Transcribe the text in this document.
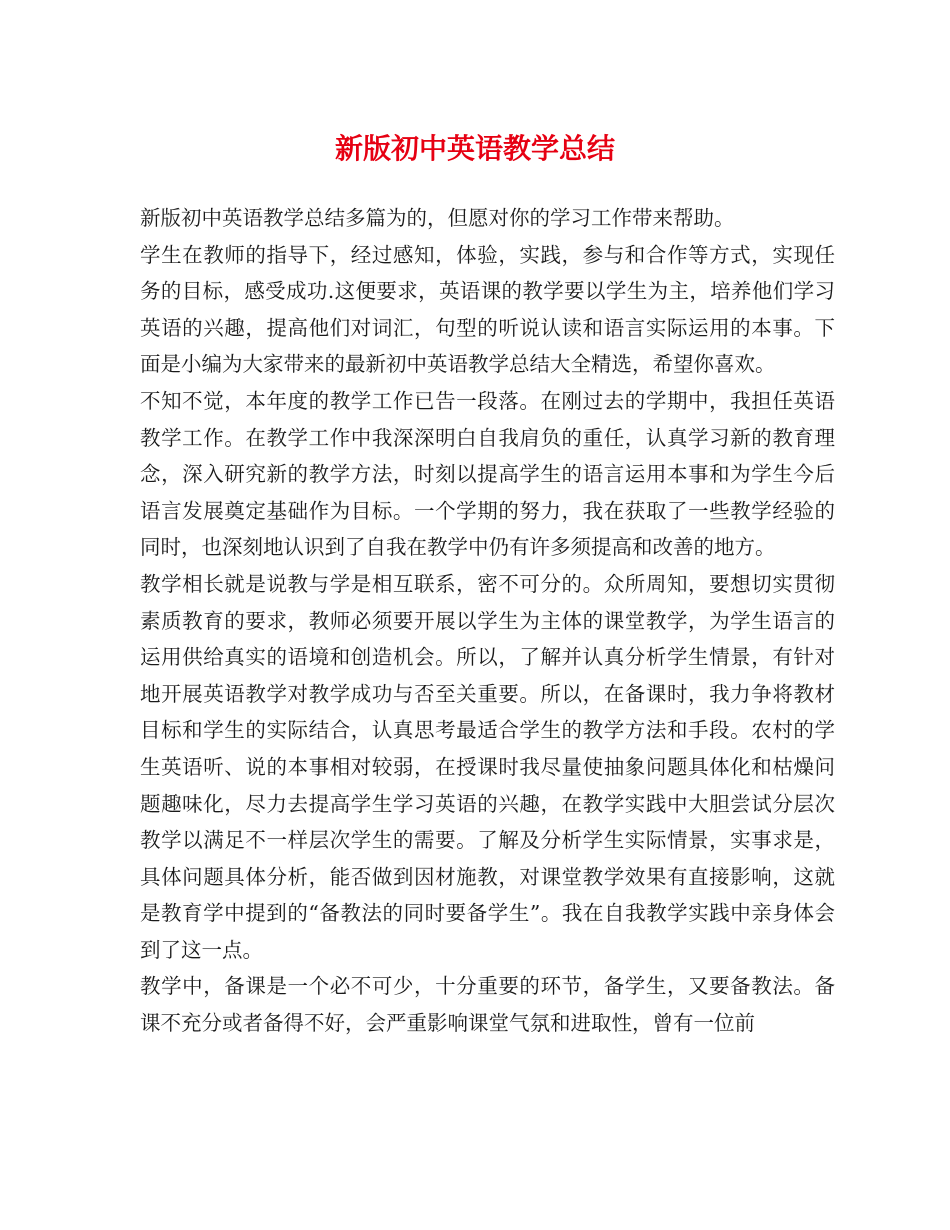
新版初中英语教学总结

新版初中英语教学总结多篇为的，但愿对你的学习工作带来帮助。

学生在教师的指导下，经过感知，体验，实践，参与和合作等方式，实现任务的目标，感受成功.这便要求，英语课的教学要以学生为主，培养他们学习英语的兴趣，提高他们对词汇，句型的听说认读和语言实际运用的本事。下面是小编为大家带来的最新初中英语教学总结大全精选，希望你喜欢。

不知不觉，本年度的教学工作已告一段落。在刚过去的学期中，我担任英语教学工作。在教学工作中我深深明白自我肩负的重任，认真学习新的教育理念，深入研究新的教学方法，时刻以提高学生的语言运用本事和为学生今后语言发展奠定基础作为目标。一个学期的努力，我在获取了一些教学经验的同时，也深刻地认识到了自我在教学中仍有许多须提高和改善的地方。

教学相长就是说教与学是相互联系，密不可分的。众所周知，要想切实贯彻素质教育的要求，教师必须要开展以学生为主体的课堂教学，为学生语言的运用供给真实的语境和创造机会。所以，了解并认真分析学生情景，有针对地开展英语教学对教学成功与否至关重要。所以，在备课时，我力争将教材目标和学生的实际结合，认真思考最适合学生的教学方法和手段。农村的学生英语听、说的本事相对较弱，在授课时我尽量使抽象问题具体化和枯燥问题趣味化，尽力去提高学生学习英语的兴趣，在教学实践中大胆尝试分层次教学以满足不一样层次学生的需要。了解及分析学生实际情景，实事求是，具体问题具体分析，能否做到因材施教，对课堂教学效果有直接影响，这就是教育学中提到的“备教法的同时要备学生”。我在自我教学实践中亲身体会到了这一点。

教学中，备课是一个必不可少，十分重要的环节，备学生，又要备教法。备课不充分或者备得不好，会严重影响课堂气氛和进取性，曾有一位前
